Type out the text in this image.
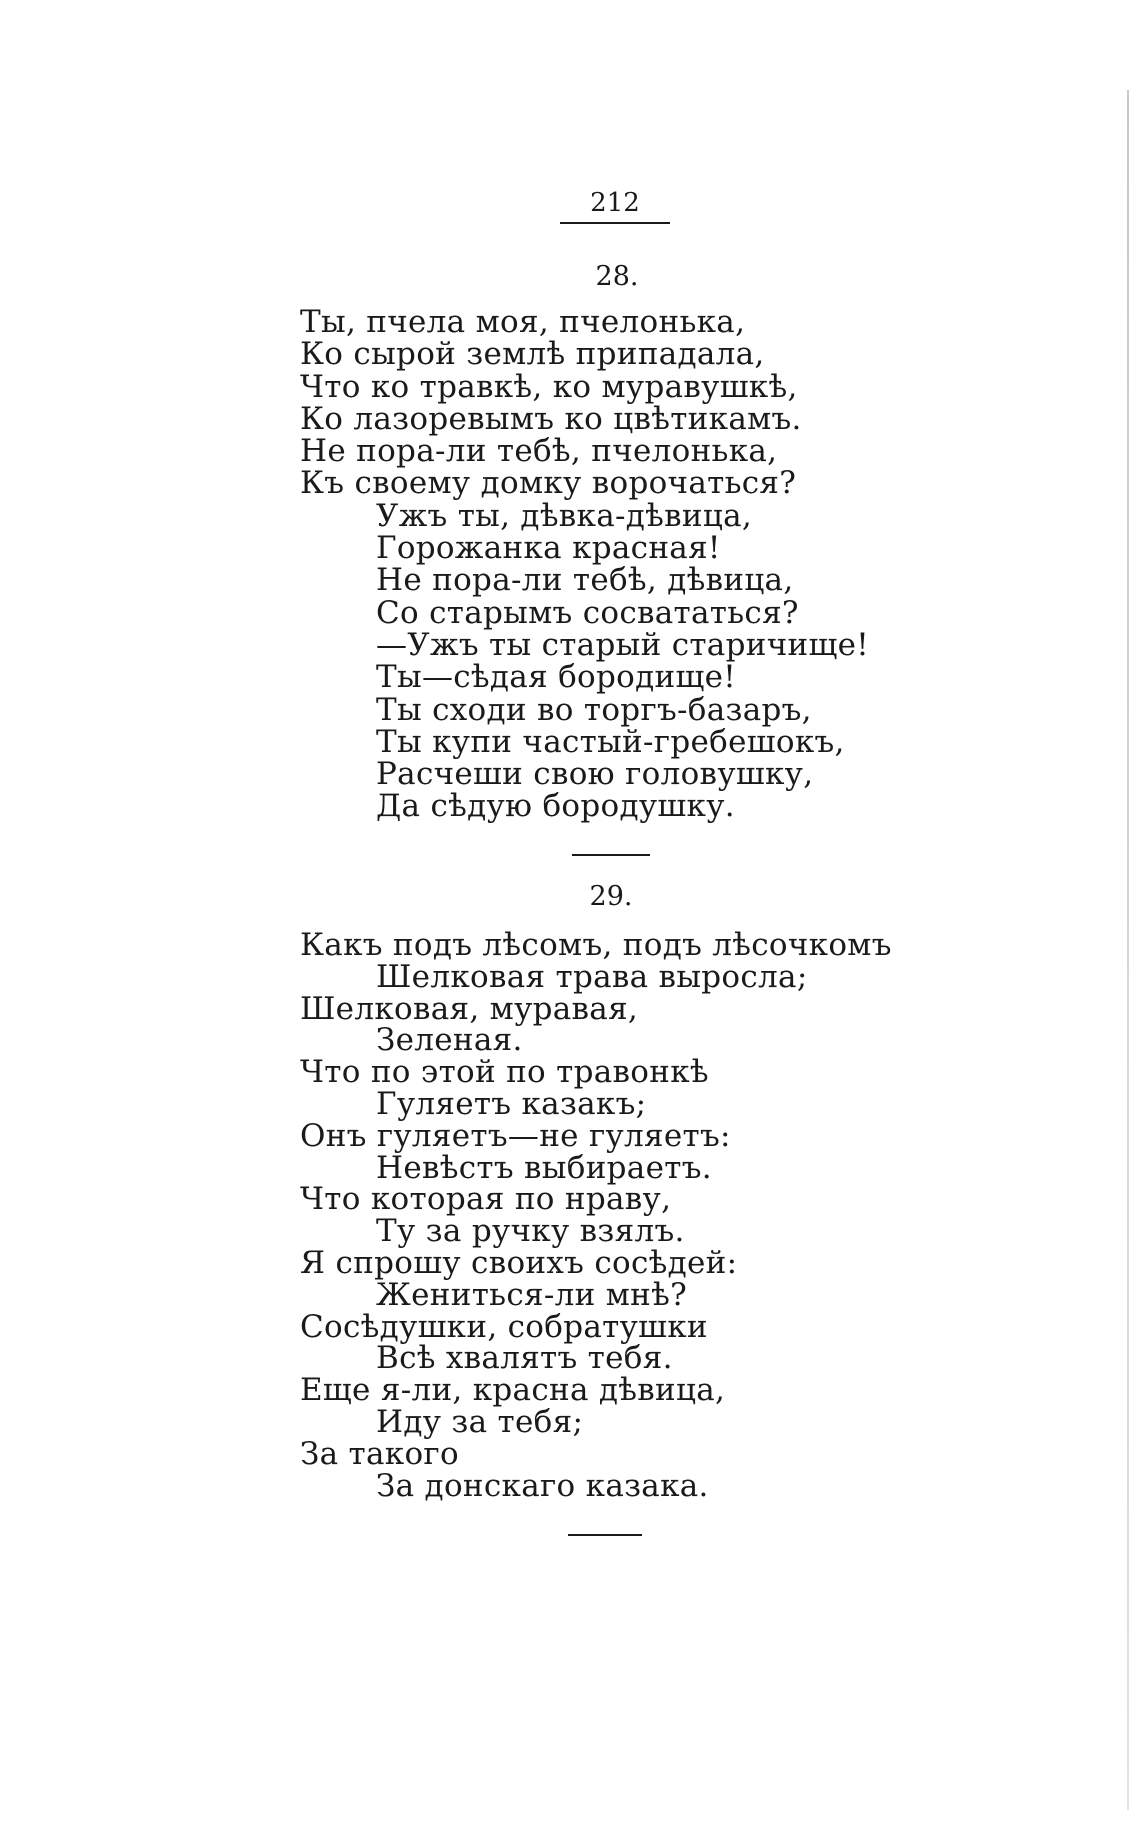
212
28.
Ты, пчела моя, пчелонька,
Ко сырой землѣ припадала,
Что ко травкѣ, ко муравушкѣ,
Ко лазоревымъ ко цвѣтикамъ.
Не пора-ли тебѣ, пчелонька,
Къ своему домку ворочаться?
Ужъ ты, дѣвка-дѣвица,
Горожанка красная!
Не пора-ли тебѣ, дѣвица,
Со старымъ сосвататься?
—Ужъ ты старый старичище!
Ты—сѣдая бородище!
Ты сходи во торгъ-базаръ,
Ты купи частый-гребешокъ,
Расчеши свою головушку,
Да сѣдую бородушку.
29.
Какъ подъ лѣсомъ, подъ лѣсочкомъ
Шелковая трава выросла;
Шелковая, муравая,
Зеленая.
Что по этой по травонкѣ
Гуляетъ казакъ;
Онъ гуляетъ—не гуляетъ:
Невѣстъ выбираетъ.
Что которая по нраву,
Ту за ручку взялъ.
Я спрошу своихъ сосѣдей:
Жениться-ли мнѣ?
Сосѣдушки, собратушки
Всѣ хвалятъ тебя.
Еще я-ли, красна дѣвица,
Иду за тебя;
За такого
За донскаго казака.
